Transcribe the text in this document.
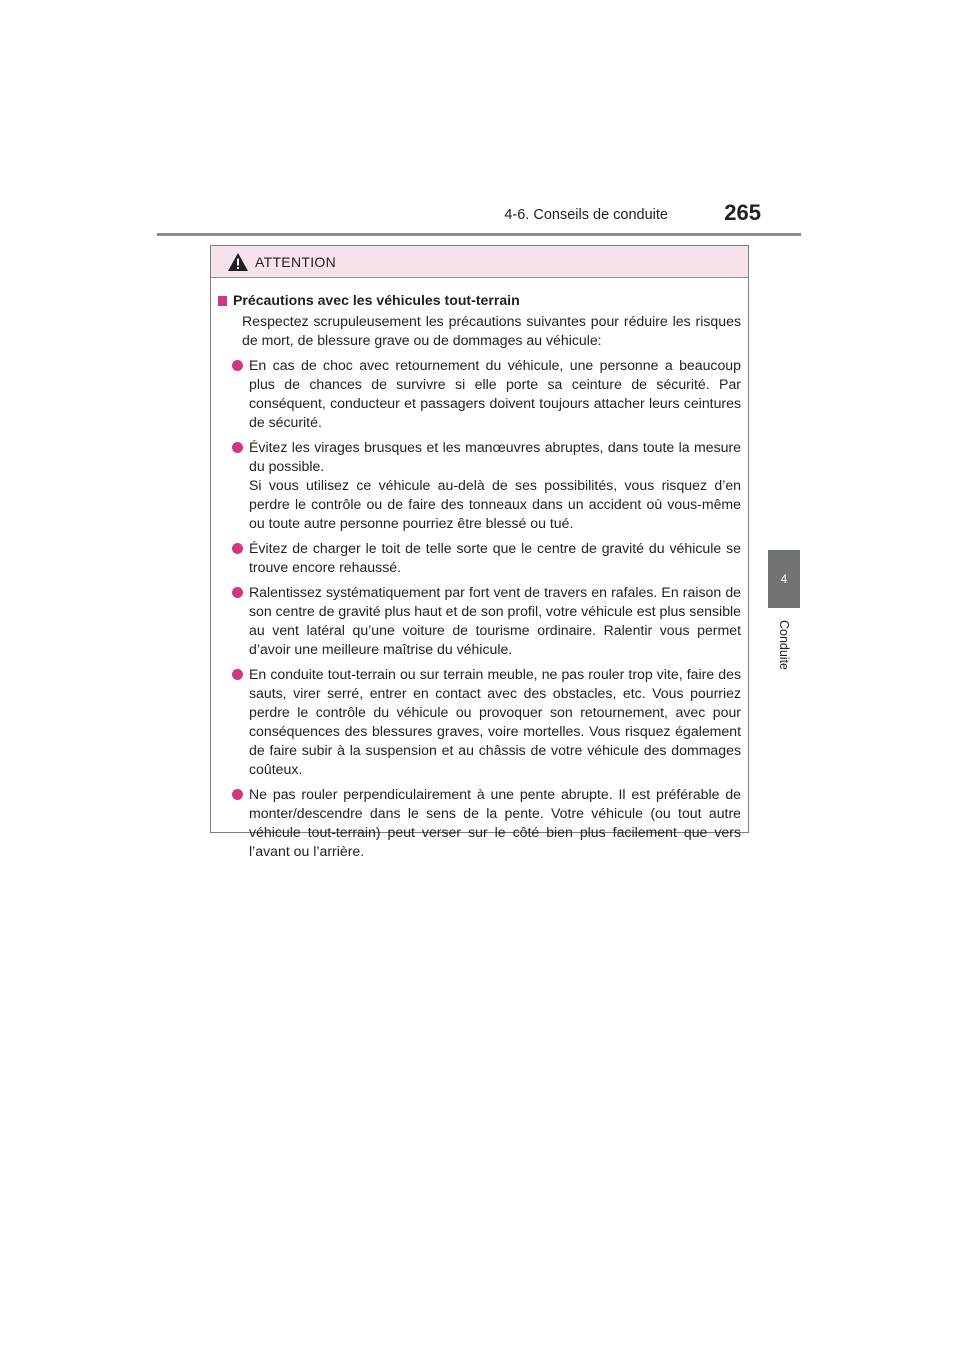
4-6. Conseils de conduite	265
4
Conduite
ATTENTION
Précautions avec les véhicules tout-terrain
Respectez scrupuleusement les précautions suivantes pour réduire les risques de mort, de blessure grave ou de dommages au véhicule:

En cas de choc avec retournement du véhicule, une personne a beaucoup plus de chances de survivre si elle porte sa ceinture de sécurité. Par conséquent, conducteur et passagers doivent toujours attacher leurs ceintures de sécurité.

Évitez les virages brusques et les manœuvres abruptes, dans toute la mesure du possible.

Si vous utilisez ce véhicule au-delà de ses possibilités, vous risquez d’en perdre le contrôle ou de faire des tonneaux dans un accident où vous-même ou toute autre personne pourriez être blessé ou tué.

Évitez de charger le toit de telle sorte que le centre de gravité du véhicule se trouve encore rehaussé.

Ralentissez systématiquement par fort vent de travers en rafales. En raison de son centre de gravité plus haut et de son profil, votre véhicule est plus sensible au vent latéral qu’une voiture de tourisme ordinaire. Ralentir vous permet d’avoir une meilleure maîtrise du véhicule.

En conduite tout-terrain ou sur terrain meuble, ne pas rouler trop vite, faire des sauts, virer serré, entrer en contact avec des obstacles, etc. Vous pourriez perdre le contrôle du véhicule ou provoquer son retournement, avec pour conséquences des blessures graves, voire mortelles. Vous risquez également de faire subir à la suspension et au châssis de votre véhicule des dommages coûteux.

Ne pas rouler perpendiculairement à une pente abrupte. Il est préférable de monter/descendre dans le sens de la pente. Votre véhicule (ou tout autre véhicule tout-terrain) peut verser sur le côté bien plus facilement que vers l’avant ou l’arrière.
